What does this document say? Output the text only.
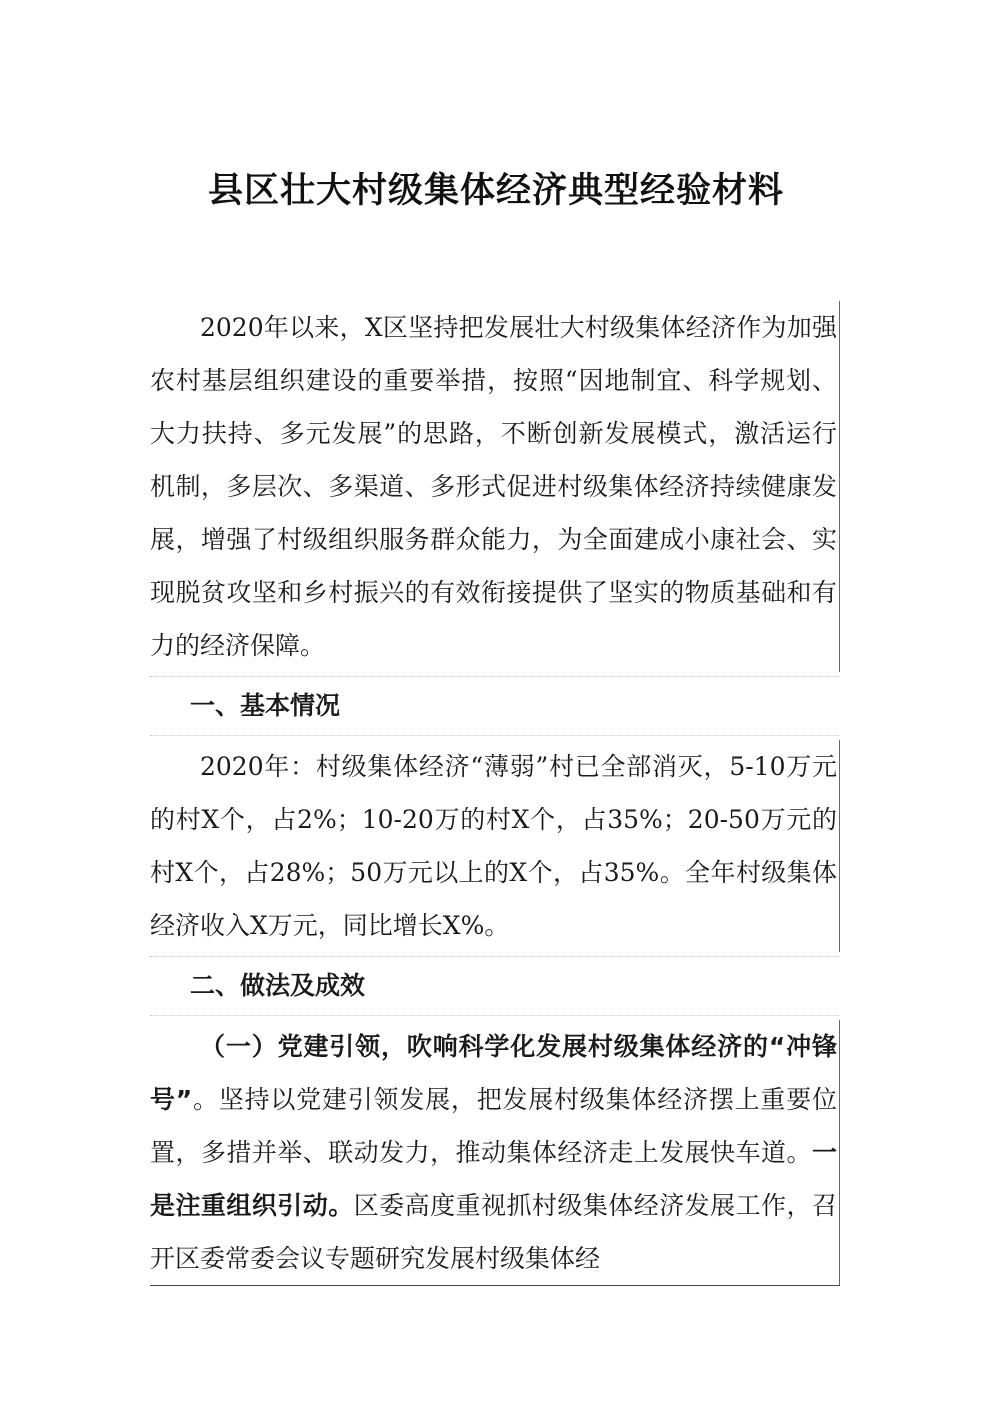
县区壮大村级集体经济典型经验材料

2020年以来，X区坚持把发展壮大村级集体经济作为加强农村基层组织建设的重要举措，按照“因地制宜、科学规划、大力扶持、多元发展”的思路，不断创新发展模式，激活运行机制，多层次、多渠道、多形式促进村级集体经济持续健康发展，增强了村级组织服务群众能力，为全面建成小康社会、实现脱贫攻坚和乡村振兴的有效衔接提供了坚实的物质基础和有力的经济保障。

一、基本情况

2020年：村级集体经济“薄弱”村已全部消灭，5-10万元的村X个，占2%；10-20万的村X个，占35%；20-50万元的村X个，占28%；50万元以上的X个，占35%。全年村级集体经济收入X万元，同比增长X%。

二、做法及成效

（一）党建引领，吹响科学化发展村级集体经济的“冲锋号”。坚持以党建引领发展，把发展村级集体经济摆上重要位置，多措并举、联动发力，推动集体经济走上发展快车道。一是注重组织引动。区委高度重视抓村级集体经济发展工作，召开区委常委会议专题研究发展村级集体经
